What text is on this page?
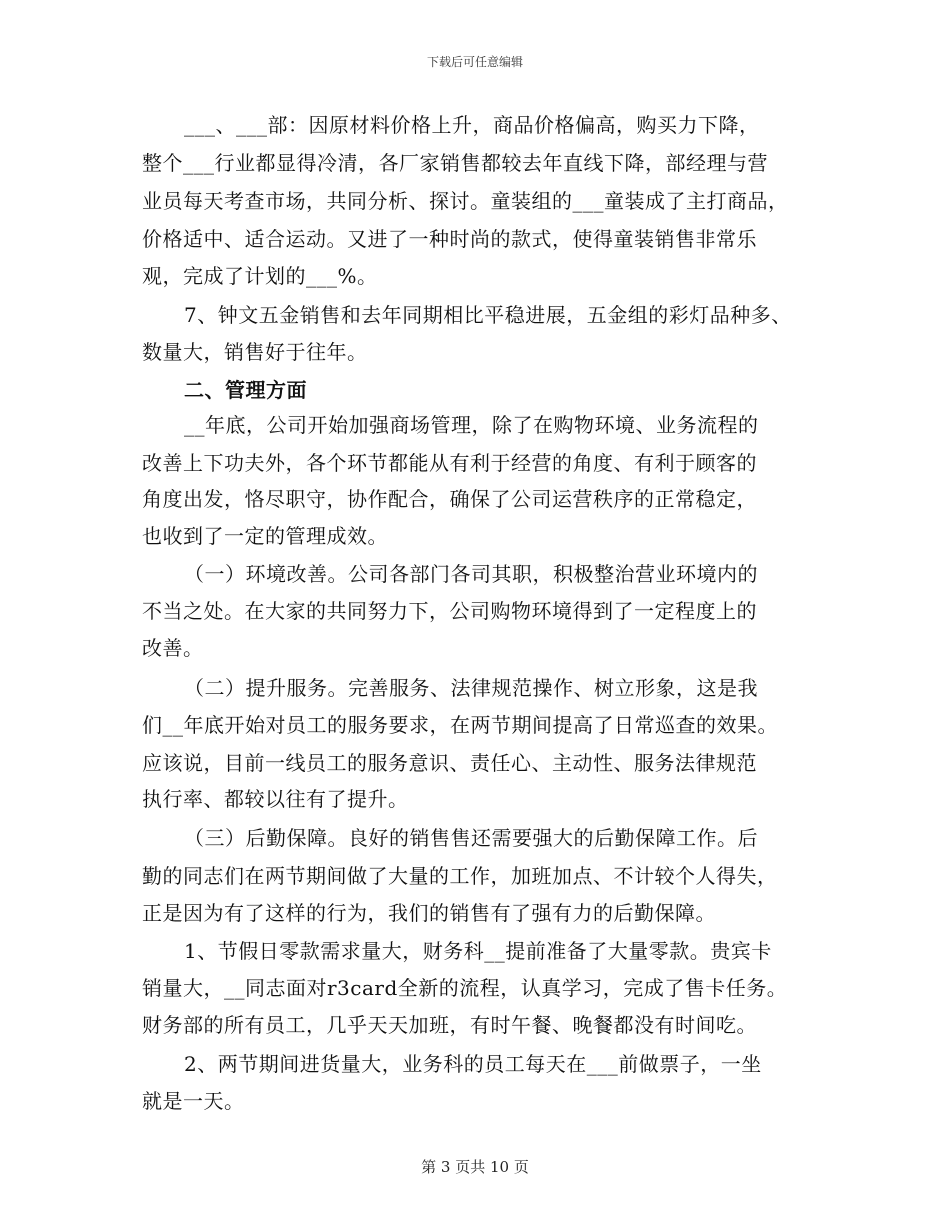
下载后可任意编辑
___、___部：因原材料价格上升，商品价格偏高，购买力下降，
整个___行业都显得冷清，各厂家销售都较去年直线下降，部经理与营
业员每天考查市场，共同分析、探讨。童装组的___童装成了主打商品，
价格适中、适合运动。又进了一种时尚的款式，使得童装销售非常乐
观，完成了计划的___%。
7、钟文五金销售和去年同期相比平稳进展，五金组的彩灯品种多、
数量大，销售好于往年。
二、管理方面
__年底，公司开始加强商场管理，除了在购物环境、业务流程的
改善上下功夫外，各个环节都能从有利于经营的角度、有利于顾客的
角度出发，恪尽职守，协作配合，确保了公司运营秩序的正常稳定，
也收到了一定的管理成效。
（一）环境改善。公司各部门各司其职，积极整治营业环境内的
不当之处。在大家的共同努力下，公司购物环境得到了一定程度上的
改善。
（二）提升服务。完善服务、法律规范操作、树立形象，这是我
们__年底开始对员工的服务要求，在两节期间提高了日常巡查的效果。
应该说，目前一线员工的服务意识、责任心、主动性、服务法律规范
执行率、都较以往有了提升。
（三）后勤保障。良好的销售售还需要强大的后勤保障工作。后
勤的同志们在两节期间做了大量的工作，加班加点、不计较个人得失，
正是因为有了这样的行为，我们的销售有了强有力的后勤保障。
1、节假日零款需求量大，财务科__提前准备了大量零款。贵宾卡
销量大，__同志面对r3card全新的流程，认真学习，完成了售卡任务。
财务部的所有员工，几乎天天加班，有时午餐、晚餐都没有时间吃。
2、两节期间进货量大，业务科的员工每天在___前做票子，一坐
就是一天。
第 3 页共 10 页
